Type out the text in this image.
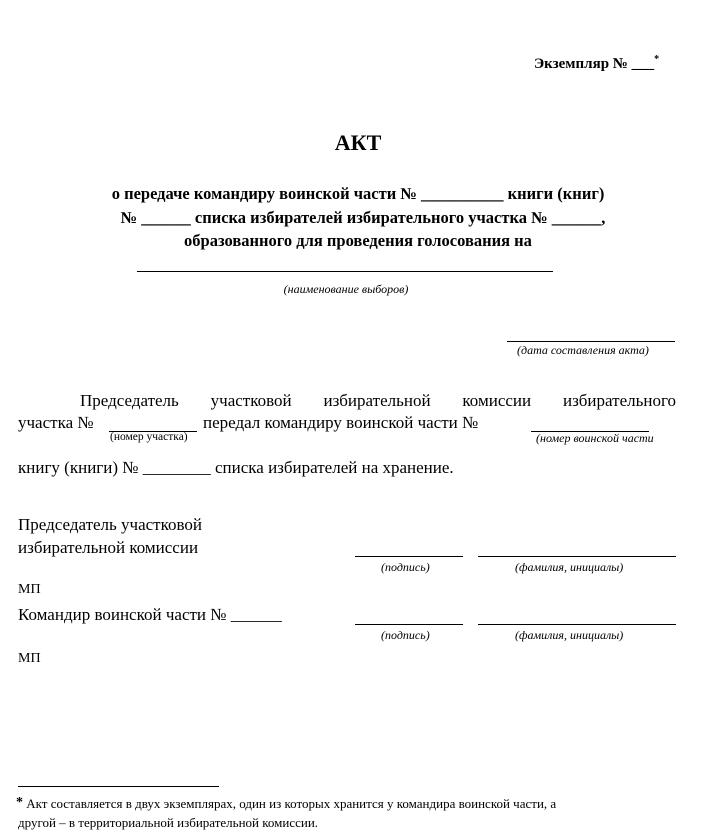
Экземпляр № ___*
АКТ
о передаче командиру воинской части № __________ книги (книг)
№ ______ списка избирателей избирательного участка № ______,
образованного для проведения голосования на
(наименование выборов)
(дата составления акта)
Председатель участковой избирательной комиссии избирательного
участка №	передал командиру воинской части №
(номер участка)	(номер воинской части
книгу (книги) № ________ списка избирателей на хранение.
Председатель участковой
избирательной комиссии
(подпись)	(фамилия, инициалы)
МП
Командир воинской части № ______
(подпись)	(фамилия, инициалы)
МП
* Акт составляется в двух экземплярах, один из которых хранится у командира воинской части, а
другой – в территориальной избирательной комиссии.
